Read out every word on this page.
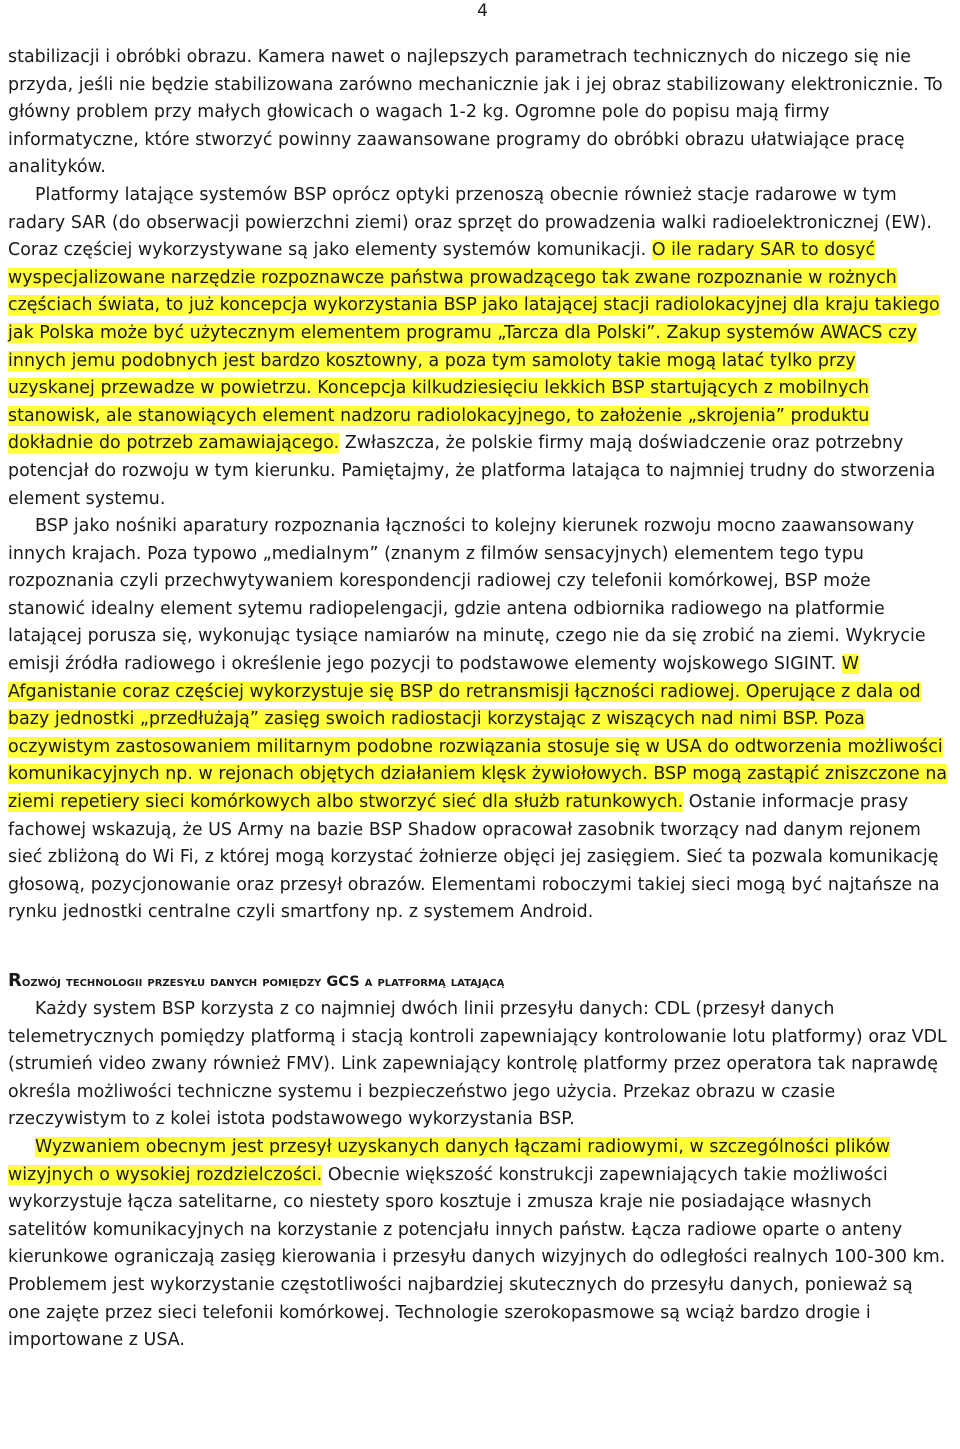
4

stabilizacji i obróbki obrazu. Kamera nawet o najlepszych parametrach technicznych do niczego się nie przyda, jeśli nie będzie stabilizowana zarówno mechanicznie jak i jej obraz stabilizowany elektronicznie. To główny problem przy małych głowicach o wagach 1-2 kg. Ogromne pole do popisu mają firmy informatyczne, które stworzyć powinny zaawansowane programy do obróbki obrazu ułatwiające pracę analityków.

Platformy latające systemów BSP oprócz optyki przenoszą obecnie również stacje radarowe w tym radary SAR (do obserwacji powierzchni ziemi) oraz sprzęt do prowadzenia walki radioelektronicznej (EW). Coraz częściej wykorzystywane są jako elementy systemów komunikacji. O ile radary SAR to dosyć wyspecjalizowane narzędzie rozpoznawcze państwa prowadzącego tak zwane rozpoznanie w rożnych częściach świata, to już koncepcja wykorzystania BSP jako latającej stacji radiolokacyjnej dla kraju takiego jak Polska może być użytecznym elementem programu „Tarcza dla Polski”. Zakup systemów AWACS czy innych jemu podobnych jest bardzo kosztowny, a poza tym samoloty takie mogą latać tylko przy uzyskanej przewadze w powietrzu. Koncepcja kilkudziesięciu lekkich BSP startujących z mobilnych stanowisk, ale stanowiących element nadzoru radiolokacyjnego, to założenie „skrojenia” produktu dokładnie do potrzeb zamawiającego. Zwłaszcza, że polskie firmy mają doświadczenie oraz potrzebny potencjał do rozwoju w tym kierunku. Pamiętajmy, że platforma latająca to najmniej trudny do stworzenia element systemu.

BSP jako nośniki aparatury rozpoznania łączności to kolejny kierunek rozwoju mocno zaawansowany innych krajach. Poza typowo „medialnym” (znanym z filmów sensacyjnych) elementem tego typu rozpoznania czyli przechwytywaniem korespondencji radiowej czy telefonii komórkowej, BSP może stanowić idealny element sytemu radiopelengacji, gdzie antena odbiornika radiowego na platformie latającej porusza się, wykonując tysiące namiarów na minutę, czego nie da się zrobić na ziemi. Wykrycie emisji źródła radiowego i określenie jego pozycji to podstawowe elementy wojskowego SIGINT. W Afganistanie coraz częściej wykorzystuje się BSP do retransmisji łączności radiowej. Operujące z dala od bazy jednostki „przedłużają” zasięg swoich radiostacji korzystając z wiszących nad nimi BSP. Poza oczywistym zastosowaniem militarnym podobne rozwiązania stosuje się w USA do odtworzenia możliwości komunikacyjnych np. w rejonach objętych działaniem klęsk żywiołowych. BSP mogą zastąpić zniszczone na ziemi repetiery sieci komórkowych albo stworzyć sieć dla służb ratunkowych. Ostanie informacje prasy fachowej wskazują, że US Army na bazie BSP Shadow opracował zasobnik tworzący nad danym rejonem sieć zbliżoną do Wi Fi, z której mogą korzystać żołnierze objęci jej zasięgiem. Sieć ta pozwala komunikację głosową, pozycjonowanie oraz przesył obrazów. Elementami roboczymi takiej sieci mogą być najtańsze na rynku jednostki centralne czyli smartfony np. z systemem Android.

Rozwój technologii przesyłu danych pomiędzy GCS a platformą latającą

Każdy system BSP korzysta z co najmniej dwóch linii przesyłu danych: CDL (przesył danych telemetrycznych pomiędzy platformą i stacją kontroli zapewniający kontrolowanie lotu platformy) oraz VDL (strumień video zwany również FMV). Link zapewniający kontrolę platformy przez operatora tak naprawdę określa możliwości techniczne systemu i bezpieczeństwo jego użycia. Przekaz obrazu w czasie rzeczywistym to z kolei istota podstawowego wykorzystania BSP.

Wyzwaniem obecnym jest przesył uzyskanych danych łączami radiowymi, w szczególności plików wizyjnych o wysokiej rozdzielczości. Obecnie większość konstrukcji zapewniających takie możliwości wykorzystuje łącza satelitarne, co niestety sporo kosztuje i zmusza kraje nie posiadające własnych satelitów komunikacyjnych na korzystanie z potencjału innych państw. Łącza radiowe oparte o anteny kierunkowe ograniczają zasięg kierowania i przesyłu danych wizyjnych do odległości realnych 100-300 km. Problemem jest wykorzystanie częstotliwości najbardziej skutecznych do przesyłu danych, ponieważ są one zajęte przez sieci telefonii komórkowej. Technologie szerokopasmowe są wciąż bardzo drogie i importowane z USA.
